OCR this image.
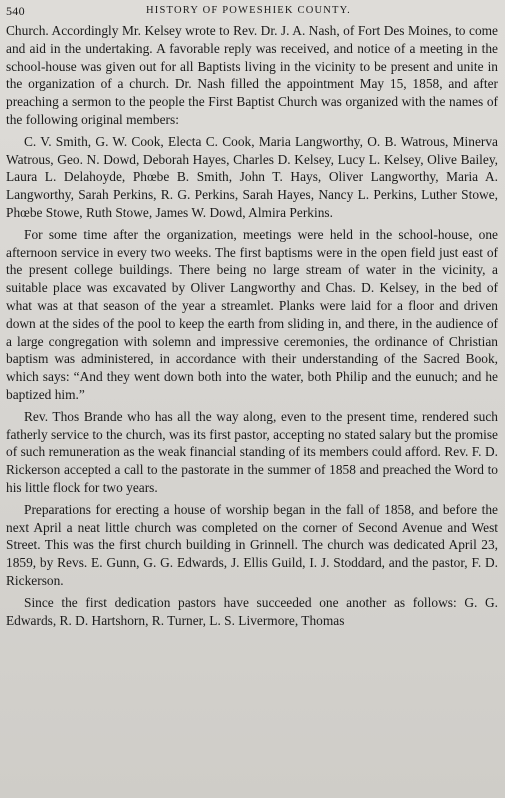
540	HISTORY OF POWESHIEK COUNTY.

Church. Accordingly Mr. Kelsey wrote to Rev. Dr. J. A. Nash, of Fort Des Moines, to come and aid in the undertaking. A favorable reply was received, and notice of a meeting in the school-house was given out for all Baptists living in the vicinity to be present and unite in the organization of a church. Dr. Nash filled the appointment May 15, 1858, and after preaching a sermon to the people the First Baptist Church was organized with the names of the following original members:

C. V. Smith, G. W. Cook, Electa C. Cook, Maria Langworthy, O. B. Watrous, Minerva Watrous, Geo. N. Dowd, Deborah Hayes, Charles D. Kelsey, Lucy L. Kelsey, Olive Bailey, Laura L. Delahoyde, Phœbe B. Smith, John T. Hays, Oliver Langworthy, Maria A. Langworthy, Sarah Perkins, R. G. Perkins, Sarah Hayes, Nancy L. Perkins, Luther Stowe, Phœbe Stowe, Ruth Stowe, James W. Dowd, Almira Perkins.

For some time after the organization, meetings were held in the school-house, one afternoon service in every two weeks. The first baptisms were in the open field just east of the present college buildings. There being no large stream of water in the vicinity, a suitable place was excavated by Oliver Langworthy and Chas. D. Kelsey, in the bed of what was at that season of the year a streamlet. Planks were laid for a floor and driven down at the sides of the pool to keep the earth from sliding in, and there, in the audience of a large congregation with solemn and impressive ceremonies, the ordinance of Christian baptism was administered, in accordance with their understanding of the Sacred Book, which says: “And they went down both into the water, both Philip and the eunuch; and he baptized him.”

Rev. Thos Brande who has all the way along, even to the present time, rendered such fatherly service to the church, was its first pastor, accepting no stated salary but the promise of such remuneration as the weak financial standing of its members could afford. Rev. F. D. Rickerson accepted a call to the pastorate in the summer of 1858 and preached the Word to his little flock for two years.

Preparations for erecting a house of worship began in the fall of 1858, and before the next April a neat little church was completed on the corner of Second Avenue and West Street. This was the first church building in Grinnell. The church was dedicated April 23, 1859, by Revs. E. Gunn, G. G. Edwards, J. Ellis Guild, I. J. Stoddard, and the pastor, F. D. Rickerson.

Since the first dedication pastors have succeeded one another as follows: G. G. Edwards, R. D. Hartshorn, R. Turner, L. S. Livermore, Thomas
